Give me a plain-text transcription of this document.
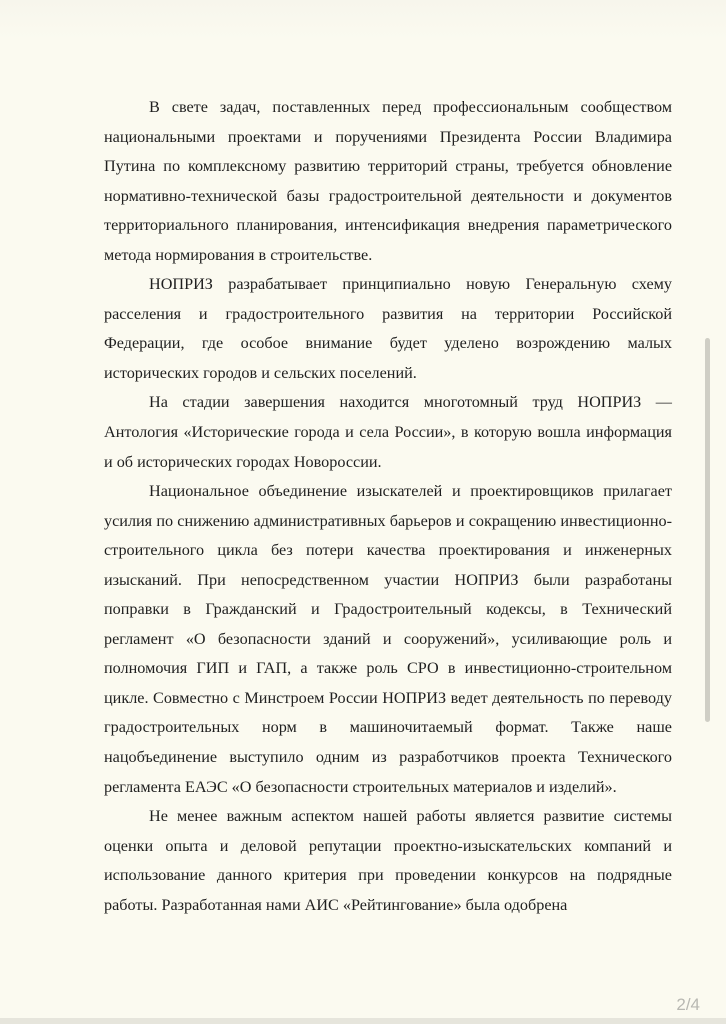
В свете задач, поставленных перед профессиональным сообществом национальными проектами и поручениями Президента России Владимира Путина по комплексному развитию территорий страны, требуется обновление нормативно-технической базы градостроительной деятельности и документов территориального планирования, интенсификация внедрения параметрического метода нормирования в строительстве.

НОПРИЗ разрабатывает принципиально новую Генеральную схему расселения и градостроительного развития на территории Российской Федерации, где особое внимание будет уделено возрождению малых исторических городов и сельских поселений.

На стадии завершения находится многотомный труд НОПРИЗ — Антология «Исторические города и села России», в которую вошла информация и об исторических городах Новороссии.

Национальное объединение изыскателей и проектировщиков прилагает усилия по снижению административных барьеров и сокращению инвестиционно-строительного цикла без потери качества проектирования и инженерных изысканий. При непосредственном участии НОПРИЗ были разработаны поправки в Гражданский и Градостроительный кодексы, в Технический регламент «О безопасности зданий и сооружений», усиливающие роль и полномочия ГИП и ГАП, а также роль СРО в инвестиционно-строительном цикле. Совместно с Минстроем России НОПРИЗ ведет деятельность по переводу градостроительных норм в машиночитаемый формат. Также наше нацобъединение выступило одним из разработчиков проекта Технического регламента ЕАЭС «О безопасности строительных материалов и изделий».

Не менее важным аспектом нашей работы является развитие системы оценки опыта и деловой репутации проектно-изыскательских компаний и использование данного критерия при проведении конкурсов на подрядные работы. Разработанная нами АИС «Рейтингование» была одобрена

2/4
